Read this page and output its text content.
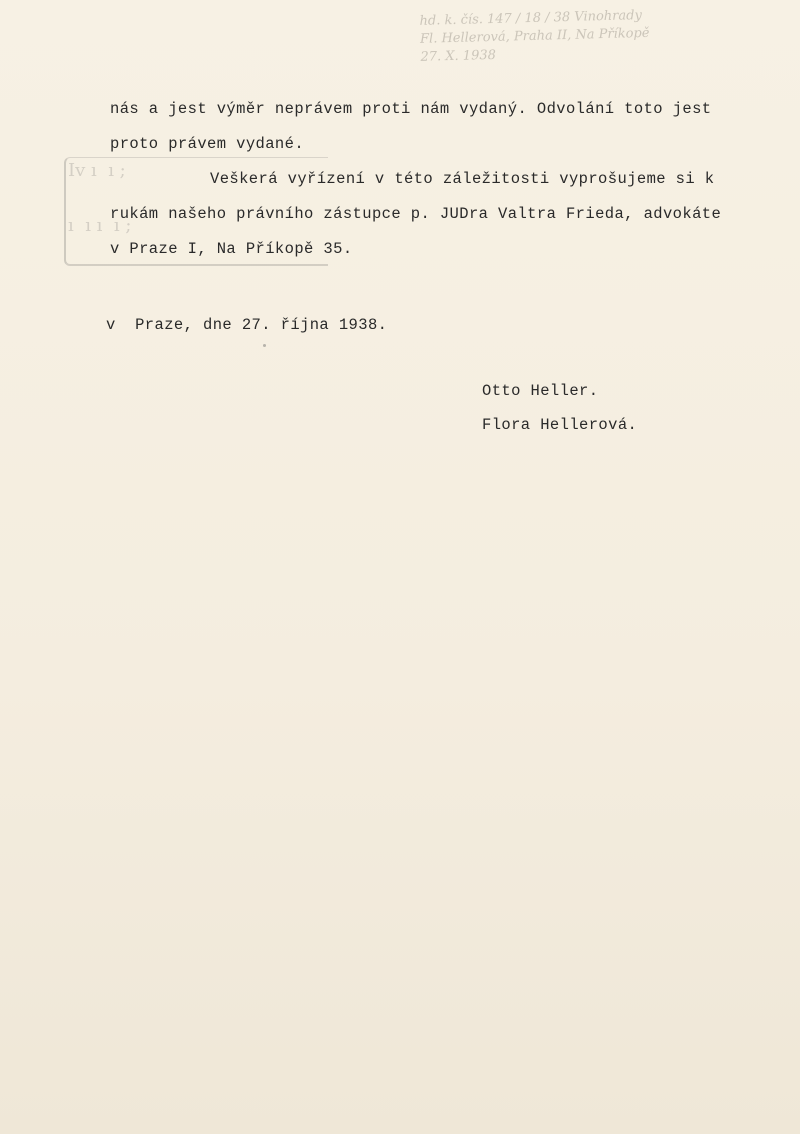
hd. k. čís. 147 / 18 / 38 Vinohrady
Fl. Hellerová, Praha II, Na Příkopě
27. X. 1938
Iv ı  ı ;
ı  ı ı  ı ;
nás a jest výměr neprávem proti nám vydaný. Odvolání toto jest
proto právem vydané.
Veškerá vyřízení v této záležitosti vyprošujeme si k
rukám našeho právního zástupce p. JUDra Valtra Frieda, advokáte
v Praze I, Na Příkopě 35.
v  Praze, dne 27. října 1938.
Otto Heller.
Flora Hellerová.
